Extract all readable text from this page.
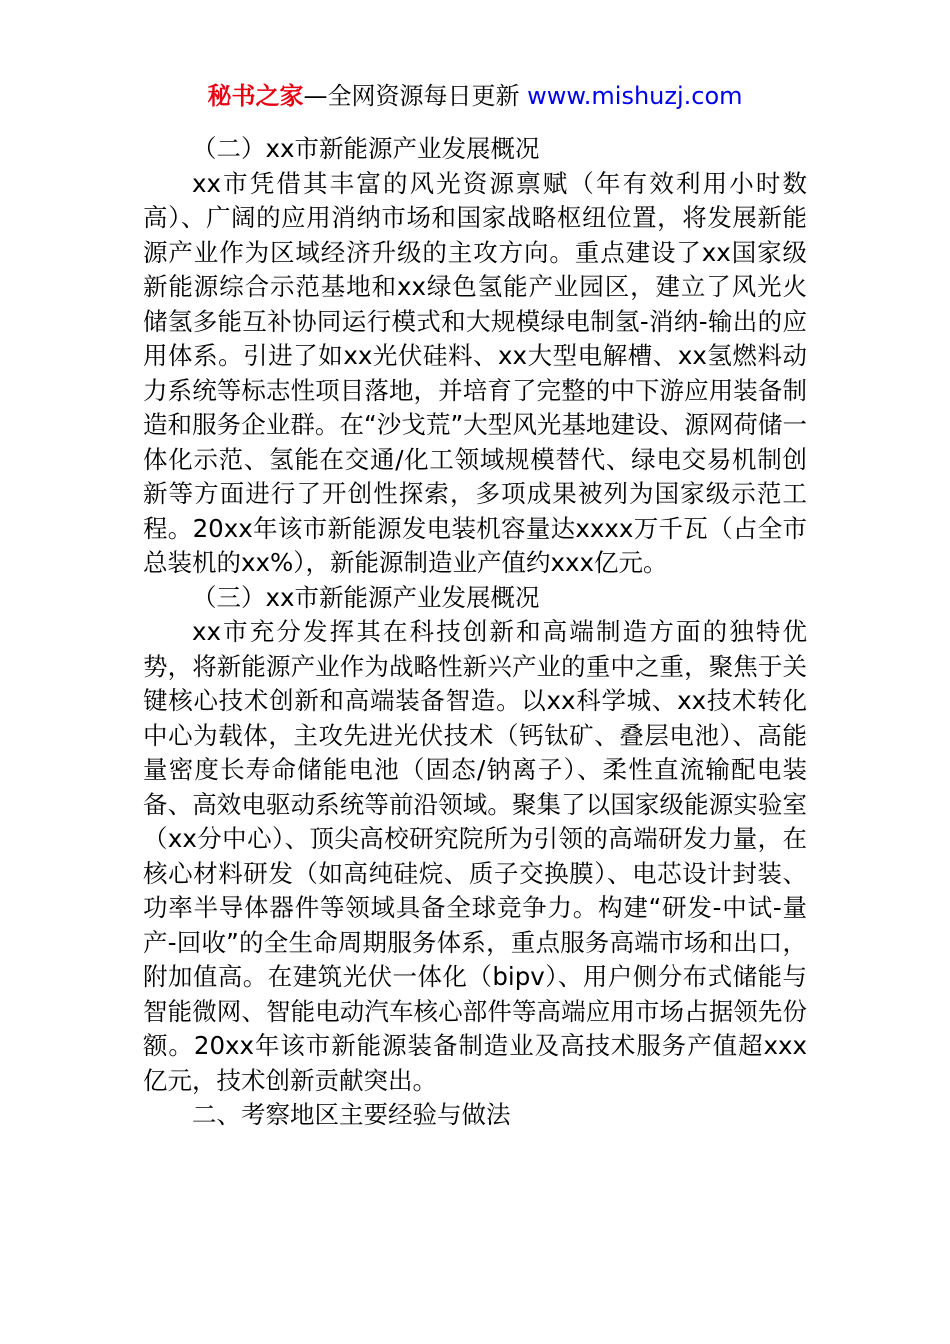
秘书之家—全网资源每日更新 www.mishuzj.com

（二）xx市新能源产业发展概况

xx市凭借其丰富的风光资源禀赋（年有效利用小时数高）、广阔的应用消纳市场和国家战略枢纽位置，将发展新能源产业作为区域经济升级的主攻方向。重点建设了xx国家级新能源综合示范基地和xx绿色氢能产业园区，建立了风光火储氢多能互补协同运行模式和大规模绿电制氢-消纳-输出的应用体系。引进了如xx光伏硅料、xx大型电解槽、xx氢燃料动力系统等标志性项目落地，并培育了完整的中下游应用装备制造和服务企业群。在“沙戈荒”大型风光基地建设、源网荷储一体化示范、氢能在交通/化工领域规模替代、绿电交易机制创新等方面进行了开创性探索，多项成果被列为国家级示范工程。20xx年该市新能源发电装机容量达xxxx万千瓦（占全市总装机的xx%），新能源制造业产值约xxx亿元。

（三）xx市新能源产业发展概况

xx市充分发挥其在科技创新和高端制造方面的独特优势，将新能源产业作为战略性新兴产业的重中之重，聚焦于关键核心技术创新和高端装备智造。以xx科学城、xx技术转化中心为载体，主攻先进光伏技术（钙钛矿、叠层电池）、高能量密度长寿命储能电池（固态/钠离子）、柔性直流输配电装备、高效电驱动系统等前沿领域。聚集了以国家级能源实验室（xx分中心）、顶尖高校研究院所为引领的高端研发力量，在核心材料研发（如高纯硅烷、质子交换膜）、电芯设计封装、功率半导体器件等领域具备全球竞争力。构建“研发-中试-量产-回收”的全生命周期服务体系，重点服务高端市场和出口，附加值高。在建筑光伏一体化（bipv）、用户侧分布式储能与智能微网、智能电动汽车核心部件等高端应用市场占据领先份额。20xx年该市新能源装备制造业及高技术服务产值超xxx亿元，技术创新贡献突出。

二、考察地区主要经验与做法
